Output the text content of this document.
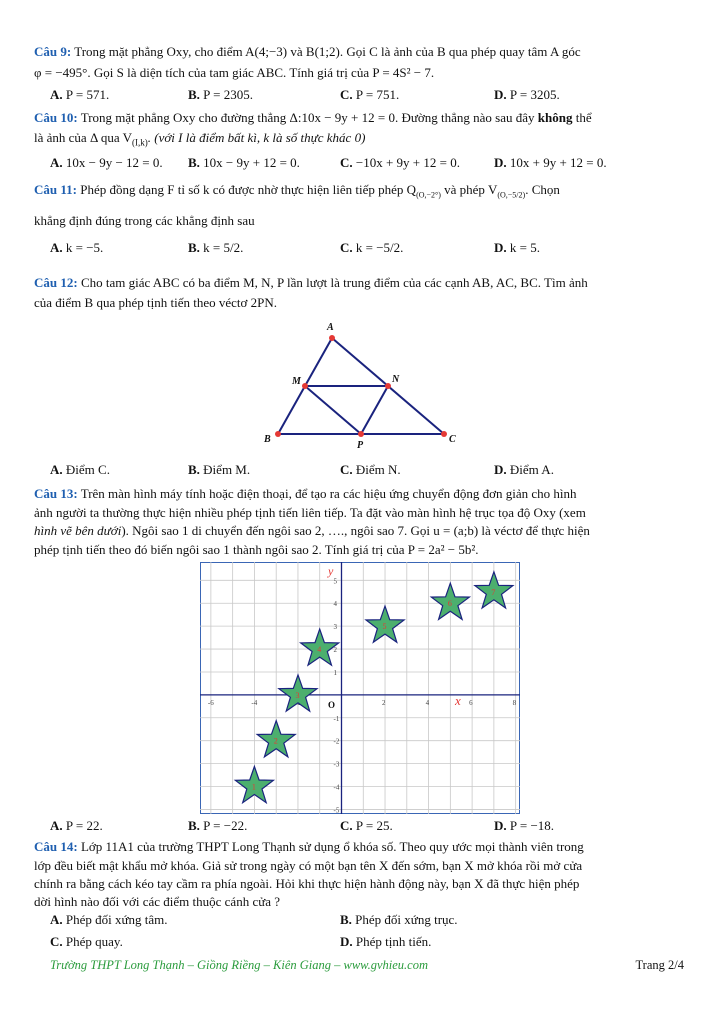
Câu 9: Trong mặt phẳng Oxy, cho điểm A(4;−3) và B(1;2). Gọi C là ảnh của B qua phép quay tâm A góc

φ = −495°. Gọi S là diện tích của tam giác ABC. Tính giá trị của P = 4S² − 7.

A. P = 571.	B. P = 2305.	C. P = 751.	D. P = 3205.

Câu 10: Trong mặt phẳng Oxy cho đường thẳng Δ:10x − 9y + 12 = 0. Đường thẳng nào sau đây không thể

là ảnh của Δ qua $V_{(I,k)}$. (với I là điểm bất kì, k là số thực khác 0)

A. 10x − 9y − 12 = 0. B. 10x − 9y + 12 = 0.	C. −10x + 9y + 12 = 0.	D. 10x + 9y + 12 = 0.

Câu 11: Phép đồng dạng F tỉ số k có được nhờ thực hiện liên tiếp phép $Q_{(O,-2^\circ)}$ và phép $V_{(O,-5/2)}$. Chọn

khẳng định đúng trong các khẳng định sau

A. k = −5.	B. k = 5/2.	C. k = −5/2.	D. k = 5.

Câu 12: Cho tam giác ABC có ba điểm M, N, P lần lượt là trung điểm của các cạnh AB, AC, BC. Tìm ảnh

của điểm B qua phép tịnh tiến theo véctơ 2PN.

A
M	N
B
P
C
A. Điểm C.	B. Điểm M.	C. Điểm N.	D. Điểm A.

Câu 13: Trên màn hình máy tính hoặc điện thoại, để tạo ra các hiệu ứng chuyển động đơn giản cho hình

ảnh người ta thường thực hiện nhiều phép tịnh tiến liên tiếp. Ta đặt vào màn hình hệ trục tọa độ Oxy (xem

hình vẽ bên dưới). Ngôi sao 1 di chuyển đến ngôi sao 2, …., ngôi sao 7. Gọi u = (a;b) là véctơ để thực hiện

phép tịnh tiến theo đó biến ngôi sao 1 thành ngôi sao 2. Tính giá trị của P = 2a² − 5b².

-6	-4	2	4	6	8
5
4
3
2
1
-1
-2
-3
-4
-5
1
2
3
4
5
6
7
x
y
O
A. P = 22.	B. P = −22.	C. P = 25.	D. P = −18.

Câu 14: Lớp 11A1 của trường THPT Long Thạnh sử dụng ổ khóa số. Theo quy ước mọi thành viên trong

lớp đều biết mật khẩu mở khóa. Giả sử trong ngày có một bạn tên X đến sớm, bạn X mở khóa rồi mở cửa

chính ra bằng cách kéo tay cầm ra phía ngoài. Hỏi khi thực hiện hành động này, bạn X đã thực hiện phép

dời hình nào đối với các điểm thuộc cánh cửa ?

A. Phép đối xứng tâm.	B. Phép đối xứng trục.
C. Phép quay.	D. Phép tịnh tiến.
Trường THPT Long Thạnh – Giồng Riềng – Kiên Giang – www.gvhieu.com	Trang 2/4
